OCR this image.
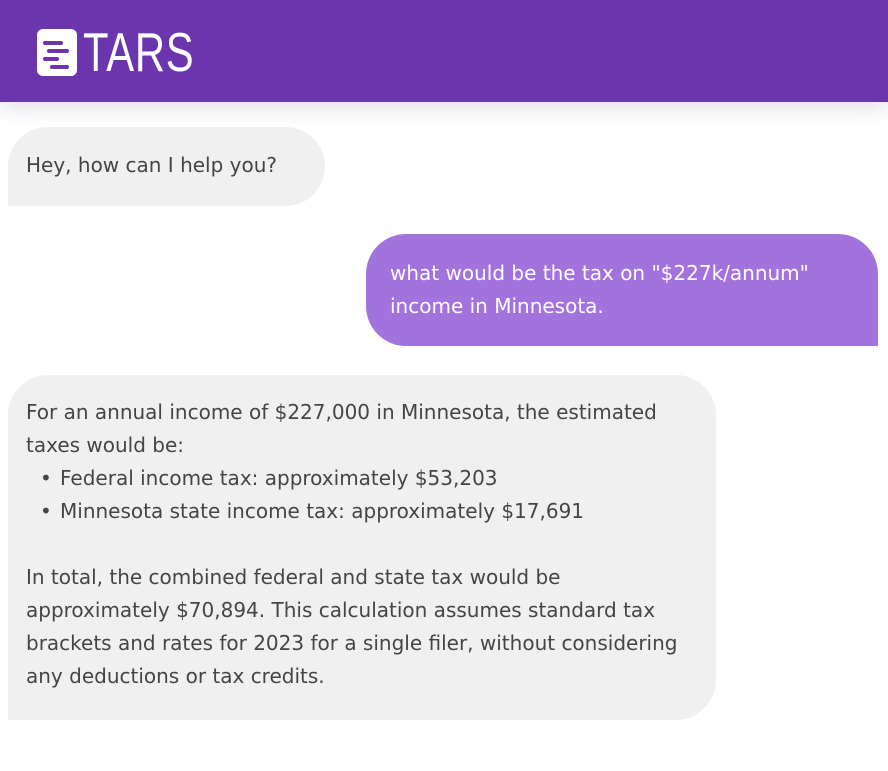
TARS
Hey, how can I help you?
what would be the tax on "$227k/annum" income in Minnesota.

For an annual income of $227,000 in Minnesota, the estimated taxes would be:

• Federal income tax: approximately $53,203
• Minnesota state income tax: approximately $17,691

In total, the combined federal and state tax would be approximately $70,894. This calculation assumes standard tax brackets and rates for 2023 for a single filer, without considering any deductions or tax credits.
